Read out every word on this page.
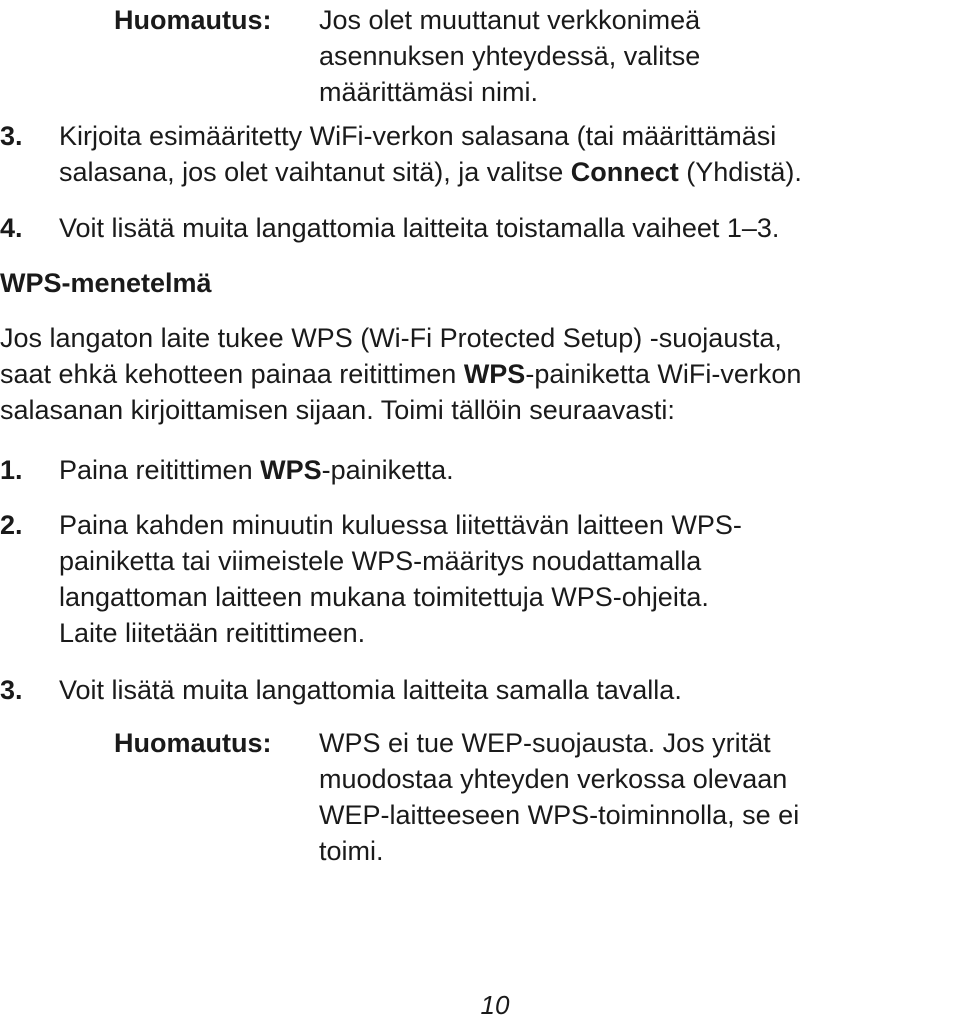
Huomautus: Jos olet muuttanut verkkonimeä
asennuksen yhteydessä, valitse
määrittämäsi nimi.
3. Kirjoita esimääritetty WiFi-verkon salasana (tai määrittämäsi
salasana, jos olet vaihtanut sitä), ja valitse Connect (Yhdistä).
4. Voit lisätä muita langattomia laitteita toistamalla vaiheet 1–3.
WPS-menetelmä
Jos langaton laite tukee WPS (Wi-Fi Protected Setup) -suojausta,
saat ehkä kehotteen painaa reitittimen WPS-painiketta WiFi-verkon
salasanan kirjoittamisen sijaan. Toimi tällöin seuraavasti:
1. Paina reitittimen WPS-painiketta.
2. Paina kahden minuutin kuluessa liitettävän laitteen WPS-
painiketta tai viimeistele WPS-määritys noudattamalla
langattoman laitteen mukana toimitettuja WPS-ohjeita.
Laite liitetään reitittimeen.
3. Voit lisätä muita langattomia laitteita samalla tavalla.
Huomautus: WPS ei tue WEP-suojausta. Jos yrität
muodostaa yhteyden verkossa olevaan
WEP-laitteeseen WPS-toiminnolla, se ei
toimi.
10
